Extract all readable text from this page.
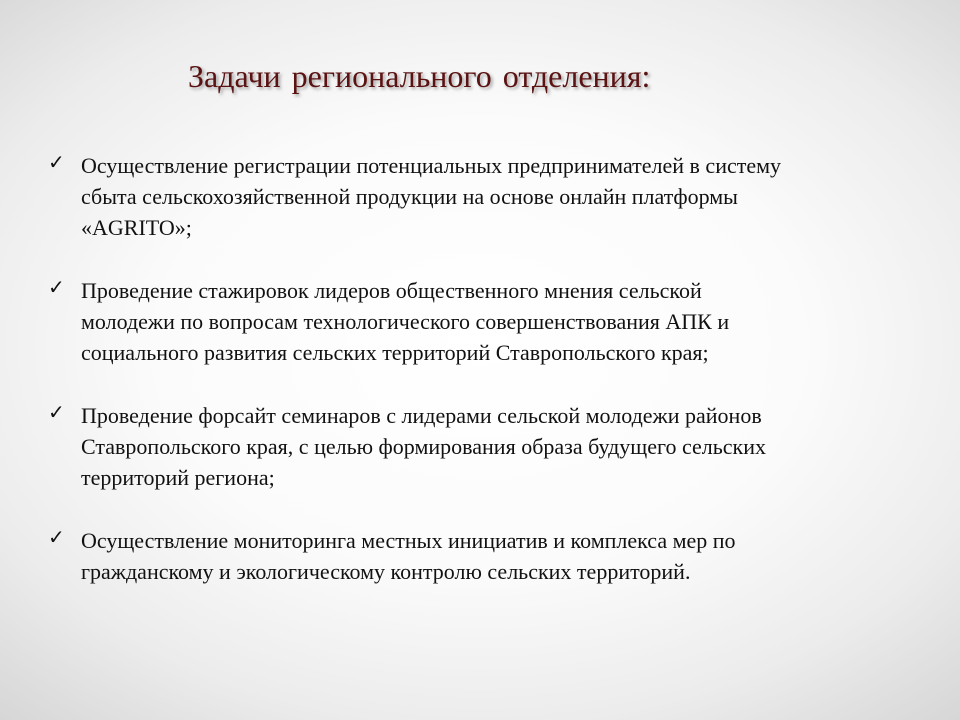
Задачи регионального отделения:
✓ Осуществление регистрации потенциальных предпринимателей в систему
сбыта сельскохозяйственной продукции на основе онлайн платформы
«AGRITO»;
✓ Проведение стажировок лидеров общественного мнения сельской
молодежи по вопросам технологического совершенствования АПК и
социального развития сельских территорий Ставропольского края;
✓ Проведение форсайт семинаров с лидерами сельской молодежи районов
Ставропольского края, с целью формирования образа будущего сельских
территорий региона;
✓ Осуществление мониторинга местных инициатив и комплекса мер по
гражданскому и экологическому контролю сельских территорий.
